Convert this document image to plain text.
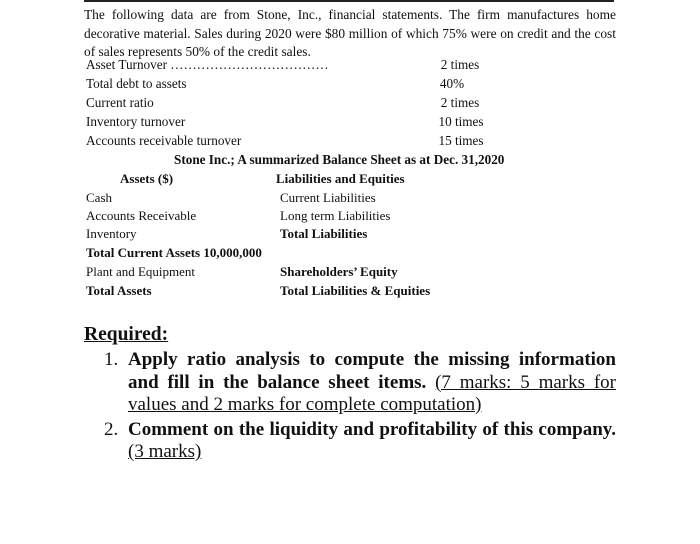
The following data are from Stone, Inc., financial statements. The firm manufactures home decorative material. Sales during 2020 were $80 million of which 75% were on credit and the cost of sales represents 50% of the credit sales.
Asset Turnover ………………………………	2 times
Total debt to assets	40%
Current ratio	2 times
Inventory turnover	10 times
Accounts receivable turnover	15 times
Stone Inc.; A summarized Balance Sheet as at Dec. 31,2020
Assets ($)	Liabilities and Equities
Cash	Current Liabilities
Accounts Receivable	Long term Liabilities
Inventory	Total Liabilities
Total Current Assets 10,000,000
Plant and Equipment	Shareholders’ Equity
Total Assets	Total Liabilities & Equities
Required:
1. Apply ratio analysis to compute the missing information and fill in the balance sheet items. (7 marks: 5 marks for values and 2 marks for complete computation)
2. Comment on the liquidity and profitability of this company. (3 marks)
